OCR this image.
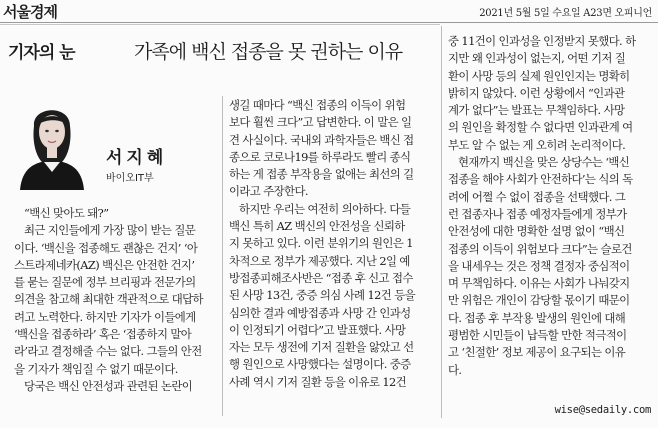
서울경제	2021년 5월 5일 수요일 A23면 오피니언
기자의 눈	가족에 백신 접종을 못 권하는 이유
서지혜
바이오IT부
“백신 맞아도 돼?”
최근 지인들에게 가장 많이 받는 질문
이다. ‘백신을 접종해도 괜찮은 건지’ ‘아
스트라제네카(AZ) 백신은 안전한 건지’
를 묻는 질문에 정부 브리핑과 전문가의
의견을 참고해 최대한 객관적으로 대답하
려고 노력한다. 하지만 기자가 이들에게
‘백신을 접종하라’ 혹은 ‘접종하지 말아
라’라고 결정해줄 수는 없다. 그들의 안전
을 기자가 책임질 수 없기 때문이다.
당국은 백신 안전성과 관련된 논란이
생길 때마다 “백신 접종의 이득이 위험
보다 훨씬 크다”고 답변한다. 이 말은 일
견 사실이다. 국내외 과학자들은 백신 접
종으로 코로나19를 하루라도 빨리 종식
하는 게 접종 부작용을 없애는 최선의 길
이라고 주장한다.
하지만 우리는 여전히 의아하다. 다들
백신 특히 AZ 백신의 안전성을 신뢰하
지 못하고 있다. 이런 분위기의 원인은 1
차적으로 정부가 제공했다. 지난 2일 예
방접종피해조사반은 “접종 후 신고 접수
된 사망 13건, 중증 의심 사례 12건 등을
심의한 결과 예방접종과 사망 간 인과성
이 인정되기 어렵다”고 발표했다. 사망
자는 모두 생전에 기저 질환을 앓았고 선
행 원인으로 사망했다는 설명이다. 중증
사례 역시 기저 질환 등을 이유로 12건
중 11건이 인과성을 인정받지 못했다. 하
지만 왜 인과성이 없는지, 어떤 기저 질
환이 사망 등의 실제 원인인지는 명확히
밝히지 않았다. 이런 상황에서 “인과관
계가 없다”는 발표는 무책임하다. 사망
의 원인을 확정할 수 없다면 인과관계 여
부도 알 수 없는 게 오히려 논리적이다.
현재까지 백신을 맞은 상당수는 ‘백신
접종을 해야 사회가 안전하다’는 식의 독
려에 어쩔 수 없이 접종을 선택했다. 그
런 접종자나 접종 예정자들에게 정부가
안전성에 대한 명확한 설명 없이 “백신
접종의 이득이 위험보다 크다”는 슬로건
을 내세우는 것은 정책 결정자 중심적이
며 무책임하다. 이유는 사회가 나눠갖지
만 위험은 개인이 감당할 몫이기 때문이
다. 접종 후 부작용 발생의 원인에 대해
평범한 시민들이 납득할 만한 적극적이
고 ‘친절한’ 정보 제공이 요구되는 이유
다.
wise@sedaily.com
